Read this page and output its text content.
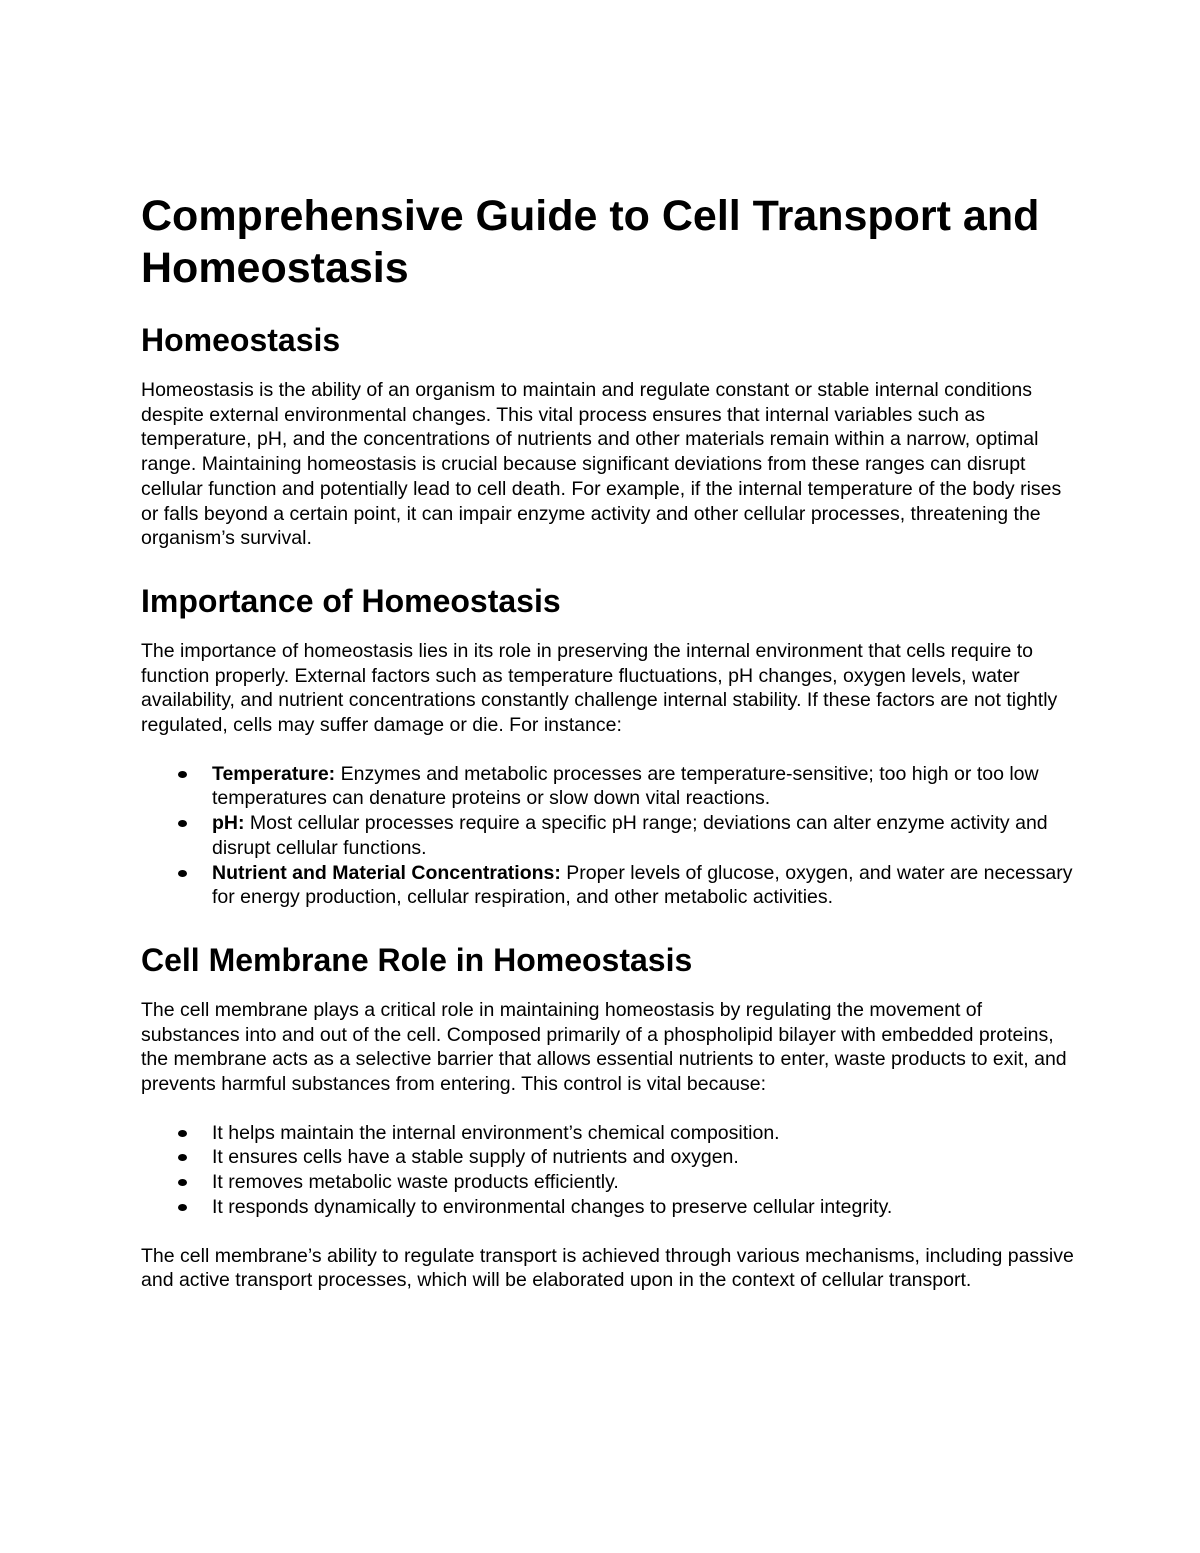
Comprehensive Guide to Cell Transport and Homeostasis
Homeostasis

Homeostasis is the ability of an organism to maintain and regulate constant or stable internal conditions despite external environmental changes. This vital process ensures that internal variables such as temperature, pH, and the concentrations of nutrients and other materials remain within a narrow, optimal range. Maintaining homeostasis is crucial because significant deviations from these ranges can disrupt cellular function and potentially lead to cell death. For example, if the internal temperature of the body rises or falls beyond a certain point, it can impair enzyme activity and other cellular processes, threatening the organism’s survival.

Importance of Homeostasis

The importance of homeostasis lies in its role in preserving the internal environment that cells require to function properly. External factors such as temperature fluctuations, pH changes, oxygen levels, water availability, and nutrient concentrations constantly challenge internal stability. If these factors are not tightly regulated, cells may suffer damage or die. For instance:

Temperature: Enzymes and metabolic processes are temperature-sensitive; too high or too low temperatures can denature proteins or slow down vital reactions.
pH: Most cellular processes require a specific pH range; deviations can alter enzyme activity and disrupt cellular functions.
Nutrient and Material Concentrations: Proper levels of glucose, oxygen, and water are necessary for energy production, cellular respiration, and other metabolic activities.
Cell Membrane Role in Homeostasis

The cell membrane plays a critical role in maintaining homeostasis by regulating the movement of substances into and out of the cell. Composed primarily of a phospholipid bilayer with embedded proteins, the membrane acts as a selective barrier that allows essential nutrients to enter, waste products to exit, and prevents harmful substances from entering. This control is vital because:

It helps maintain the internal environment’s chemical composition.
It ensures cells have a stable supply of nutrients and oxygen.
It removes metabolic waste products efficiently.
It responds dynamically to environmental changes to preserve cellular integrity.

The cell membrane’s ability to regulate transport is achieved through various mechanisms, including passive and active transport processes, which will be elaborated upon in the context of cellular transport.
